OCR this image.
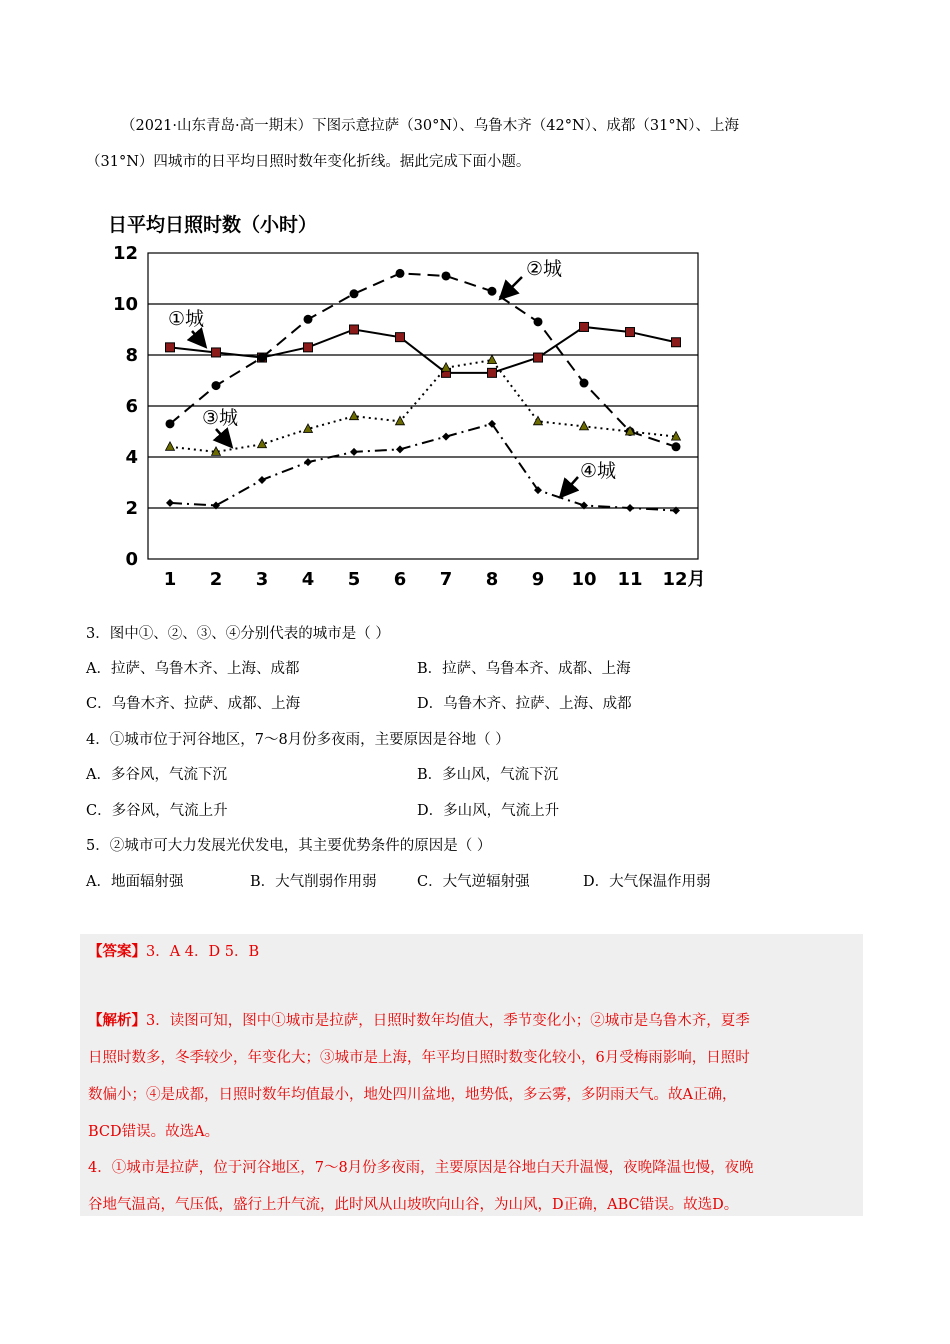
（2021·山东青岛·高一期末）下图示意拉萨（30°N）、乌鲁木齐（42°N）、成都（31°N）、上海
（31°N）四城市的日平均日照时数年变化折线。据此完成下面小题。
日平均日照时数（小时）
0
2
4
6
8
10
12
1 2 3 4 5 6 7 8 9 10 11 12月
①城
②城
③城
④城
3．图中①、②、③、④分别代表的城市是（ ）
A．拉萨、乌鲁木齐、上海、成都	B．拉萨、乌鲁本齐、成都、上海
C．乌鲁木齐、拉萨、成都、上海	D．乌鲁木齐、拉萨、上海、成都
4．①城市位于河谷地区，7～8月份多夜雨，主要原因是谷地（ ）
A．多谷风，气流下沉	B．多山风，气流下沉
C．多谷风，气流上升	D．多山风，气流上升
5．②城市可大力发展光伏发电，其主要优势条件的原因是（ ）
A．地面辐射强	B．大气削弱作用弱	C．大气逆辐射强	D．大气保温作用弱
【答案】3．A 4．D 5．B
【解析】3．读图可知，图中①城市是拉萨，日照时数年均值大，季节变化小；②城市是乌鲁木齐，夏季
日照时数多，冬季较少，年变化大；③城市是上海，年平均日照时数变化较小，6月受梅雨影响，日照时
数偏小；④是成都，日照时数年均值最小，地处四川盆地，地势低，多云雾，多阴雨天气。故A正确，
BCD错误。故选A。
4．①城市是拉萨，位于河谷地区，7～8月份多夜雨，主要原因是谷地白天升温慢，夜晚降温也慢，夜晚
谷地气温高，气压低，盛行上升气流，此时风从山坡吹向山谷，为山风，D正确，ABC错误。故选D。
